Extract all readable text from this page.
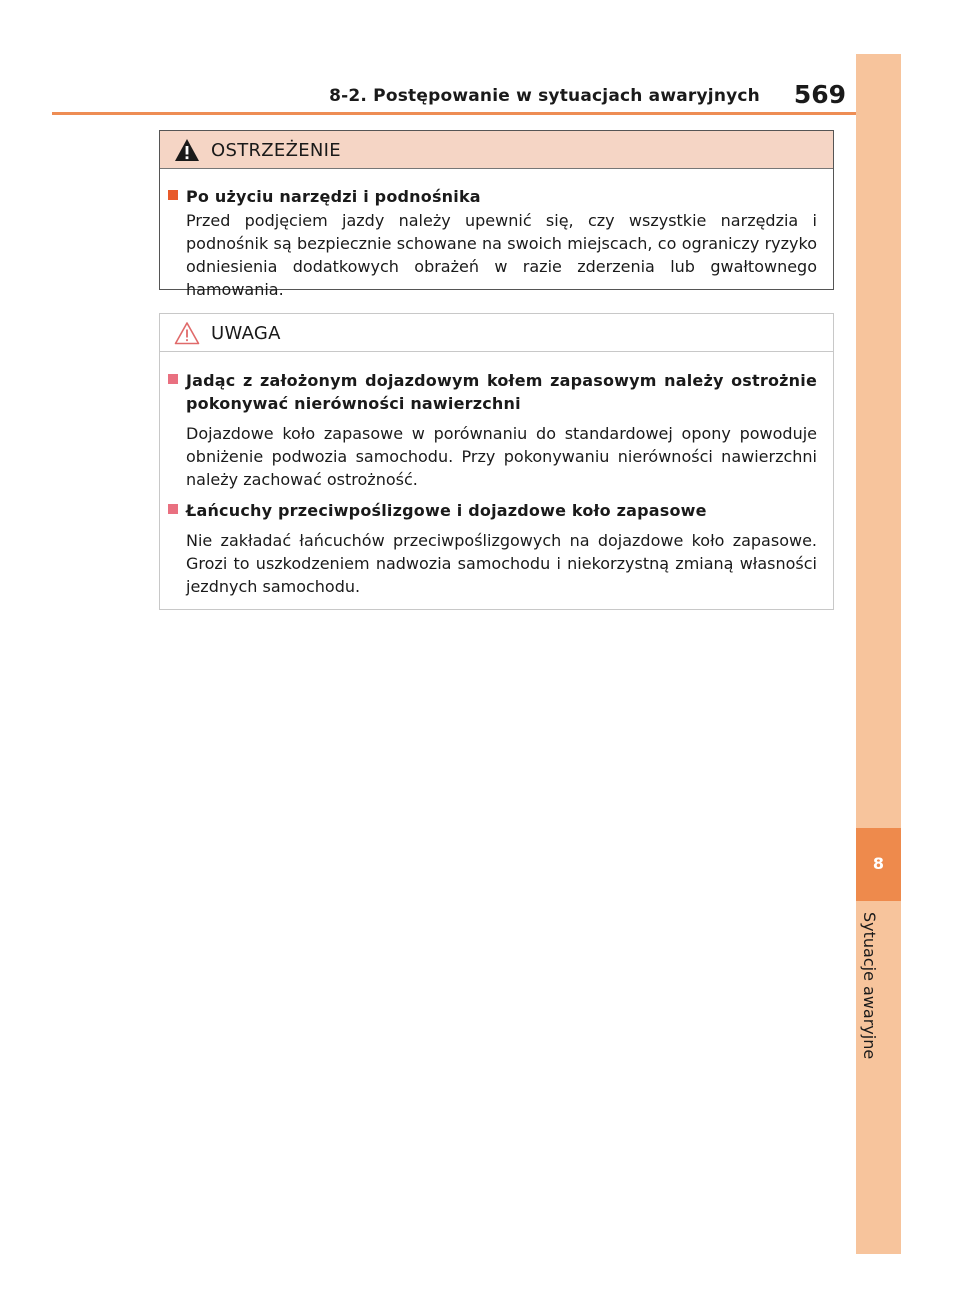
8-2. Postępowanie w sytuacjach awaryjnych 569
8
Sytuacje awaryjne
OSTRZEŻENIE
Po użyciu narzędzi i podnośnika
Przed podjęciem jazdy należy upewnić się, czy wszystkie narzędzia i podnośnik są bezpiecznie schowane na swoich miejscach, co ograniczy ryzyko odniesienia dodatkowych obrażeń w razie zderzenia lub gwałtownego hamowania.
UWAGA
Jadąc z założonym dojazdowym kołem zapasowym należy ostrożnie pokonywać nierówności nawierzchni
Dojazdowe koło zapasowe w porównaniu do standardowej opony powoduje obniżenie podwozia samochodu. Przy pokonywaniu nierówności nawierzchni należy zachować ostrożność.
Łańcuchy przeciwpoślizgowe i dojazdowe koło zapasowe
Nie zakładać łańcuchów przeciwpoślizgowych na dojazdowe koło zapasowe. Grozi to uszkodzeniem nadwozia samochodu i niekorzystną zmianą własności jezdnych samochodu.
